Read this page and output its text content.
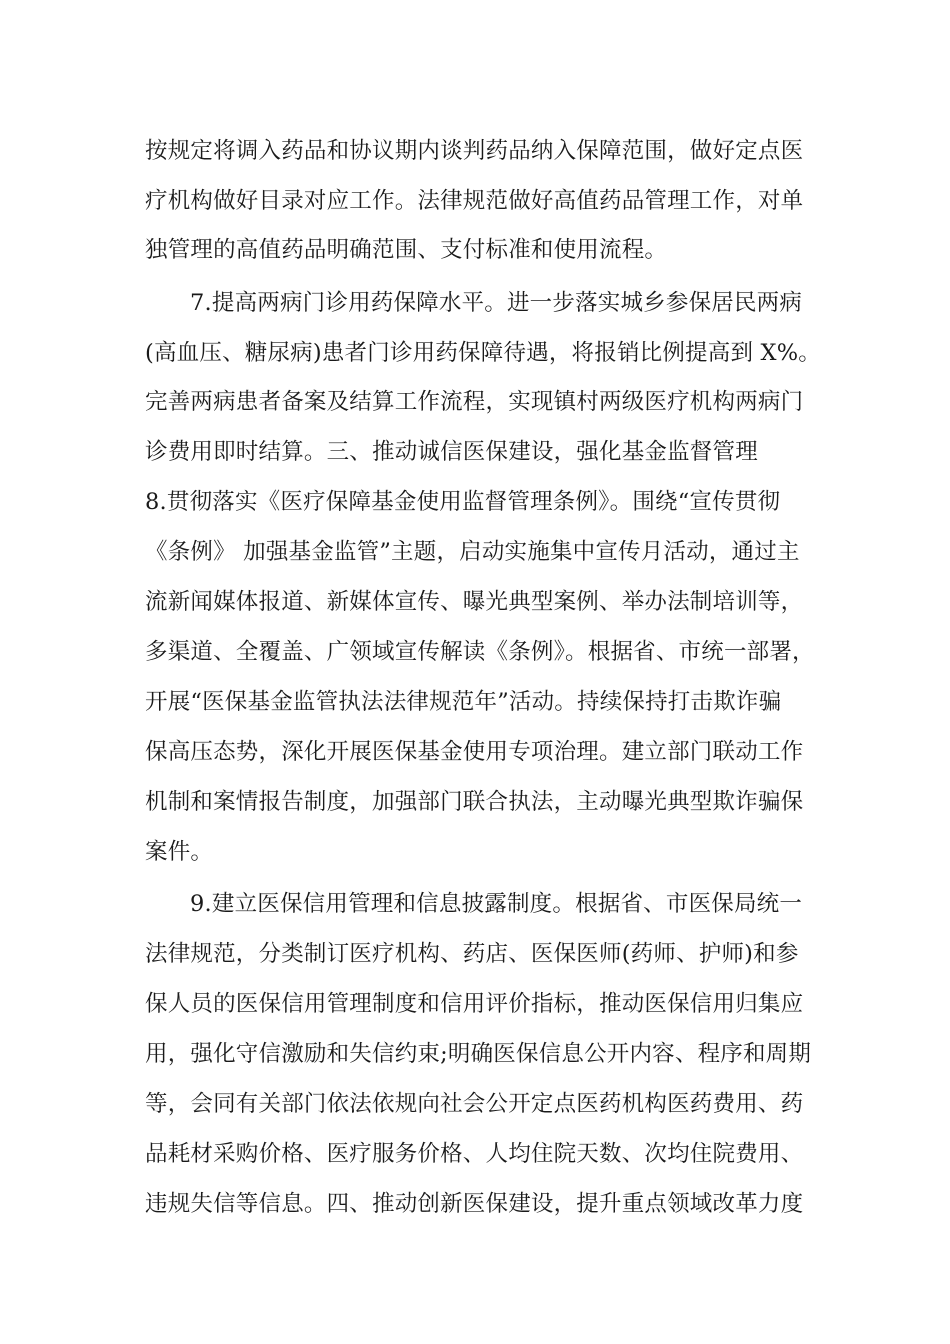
按规定将调入药品和协议期内谈判药品纳入保障范围，做好定点医
疗机构做好目录对应工作。法律规范做好高值药品管理工作，对单
独管理的高值药品明确范围、支付标准和使用流程。
7.提高两病门诊用药保障水平。进一步落实城乡参保居民两病
(高血压、糖尿病)患者门诊用药保障待遇，将报销比例提高到 X%。
完善两病患者备案及结算工作流程，实现镇村两级医疗机构两病门
诊费用即时结算。三、推动诚信医保建设，强化基金监督管理
8.贯彻落实《医疗保障基金使用监督管理条例》。围绕“宣传贯彻
《条例》 加强基金监管”主题，启动实施集中宣传月活动，通过主
流新闻媒体报道、新媒体宣传、曝光典型案例、举办法制培训等，
多渠道、全覆盖、广领域宣传解读《条例》。根据省、市统一部署，
开展“医保基金监管执法法律规范年”活动。持续保持打击欺诈骗
保高压态势，深化开展医保基金使用专项治理。建立部门联动工作
机制和案情报告制度，加强部门联合执法，主动曝光典型欺诈骗保
案件。
9.建立医保信用管理和信息披露制度。根据省、市医保局统一
法律规范，分类制订医疗机构、药店、医保医师(药师、护师)和参
保人员的医保信用管理制度和信用评价指标，推动医保信用归集应
用，强化守信激励和失信约束;明确医保信息公开内容、程序和周期
等，会同有关部门依法依规向社会公开定点医药机构医药费用、药
品耗材采购价格、医疗服务价格、人均住院天数、次均住院费用、
违规失信等信息。四、推动创新医保建设，提升重点领域改革力度
